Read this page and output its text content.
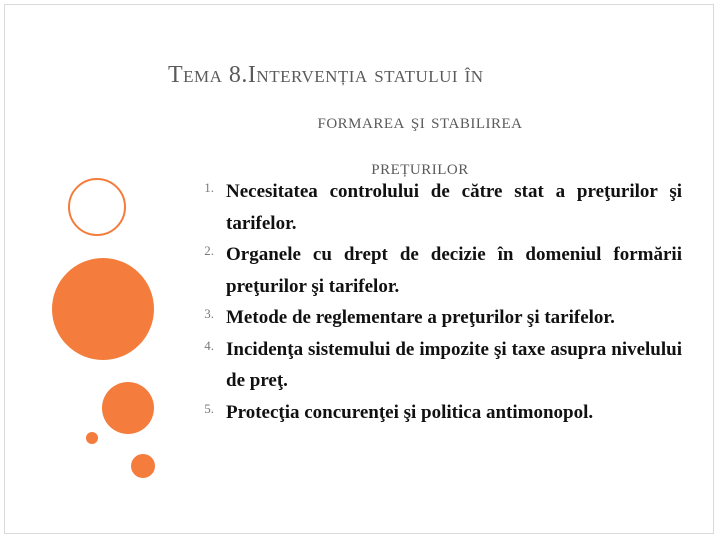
Tema 8.Intervenția statului în
formarea şi stabilirea
prețurilor
1. Necesitatea controlului de către stat a preţurilor şi tarifelor.
2. Organele cu drept de decizie în domeniul formării preţurilor şi tarifelor.
3. Metode de reglementare a preţurilor şi tarifelor.
4. Incidenţa sistemului de impozite şi taxe asupra nivelului de preţ.
5. Protecţia concurenţei şi politica antimonopol.
